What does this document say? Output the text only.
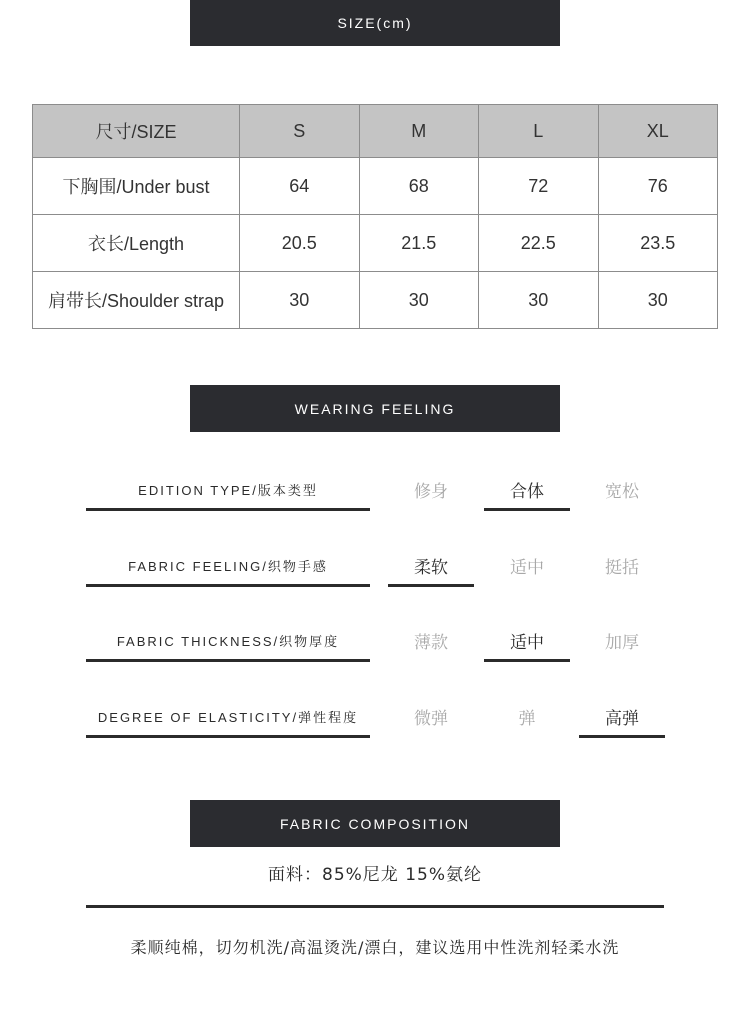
SIZE(cm)
尺寸/SIZE	S	M	L	XL
下胸围/Under bust	64	68	72	76
衣长/Length	20.5	21.5	22.5	23.5
肩带长/Shoulder strap	30	30	30	30
WEARING FEELING
EDITION TYPE/版本类型	修身	合体	宽松
FABRIC FEELING/织物手感	柔软	适中	挺括
FABRIC THICKNESS/织物厚度	薄款	适中	加厚
DEGREE OF ELASTICITY/弹性程度	微弹	弹	高弹
FABRIC COMPOSITION
面料：85%尼龙 15%氨纶
柔顺纯棉，切勿机洗/高温烫洗/漂白，建议选用中性洗剂轻柔水洗
